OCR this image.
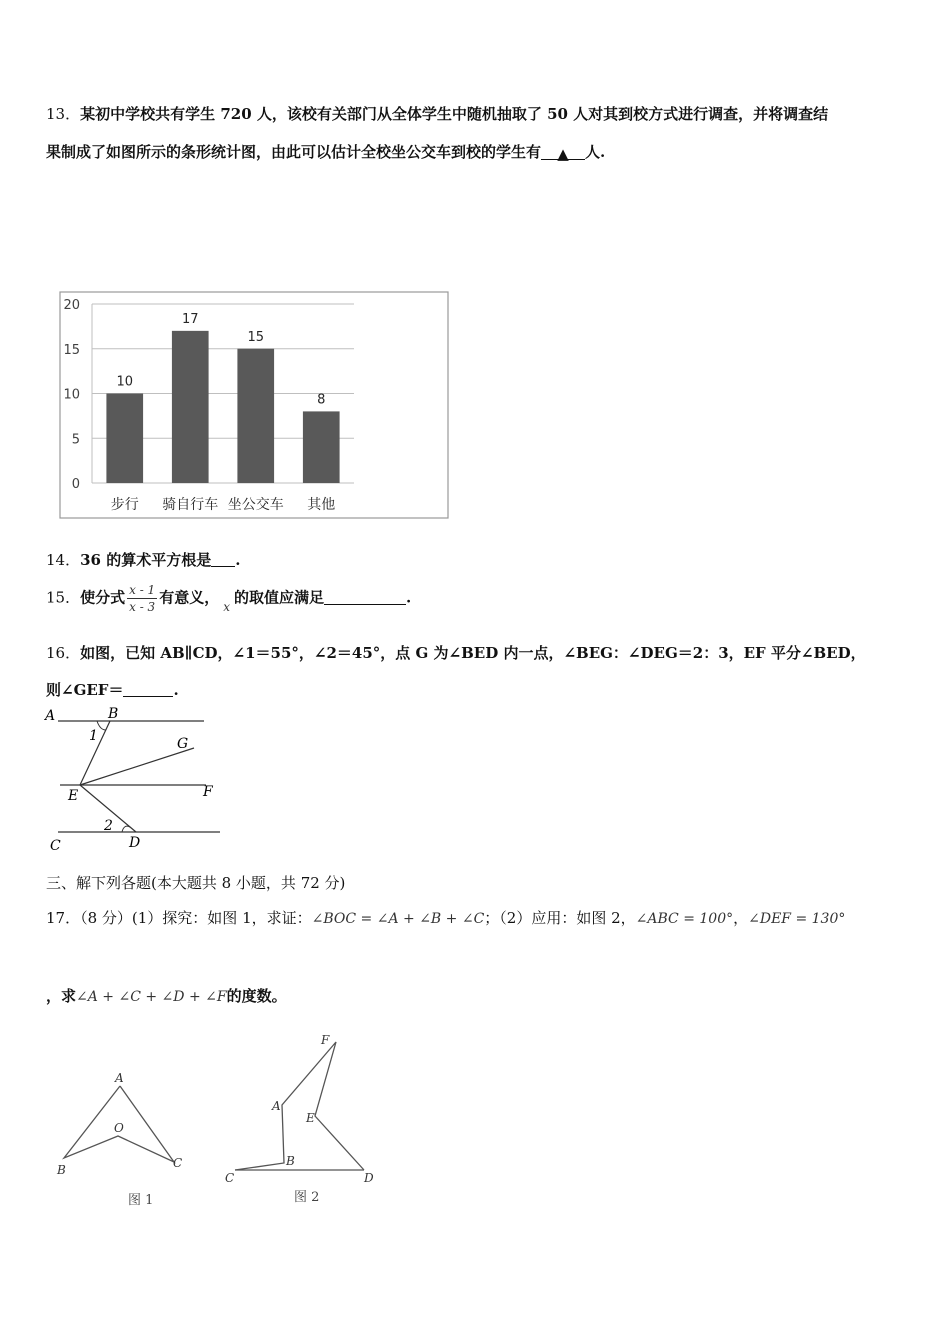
13．某初中学校共有学生 720 人，该校有关部门从全体学生中随机抽取了 50 人对其到校方式进行调查，并将调查结
果制成了如图所示的条形统计图，由此可以估计全校坐公交车到校的学生有 ▲ 人.
0
5
10
15
20
10
17
15
8
步行 骑自行车 坐公交车 其他
14．36 的算术平方根是 .
15．使分式 $\frac{x - 1}{x - 3}$ 有意义， $_x$ 的取值应满足	.
16．如图，已知 AB∥CD，∠1＝55°，∠2＝45°，点 G 为∠BED 内一点，∠BEG：∠DEG＝2：3，EF 平分∠BED，
则∠GEF＝	.
A	B
G
E	F
C	D
1
2
三、解下列各题(本大题共 8 小题，共 72 分)
17．（8 分）(1）探究：如图 1，求证：∠BOC = ∠A + ∠B + ∠C；（2）应用：如图 2，∠ABC = 100°，∠DEF = 130°
，求∠A + ∠C + ∠D + ∠F的度数。
A
O
B	C
图 1
F
A
E
B
C	D
图 2
